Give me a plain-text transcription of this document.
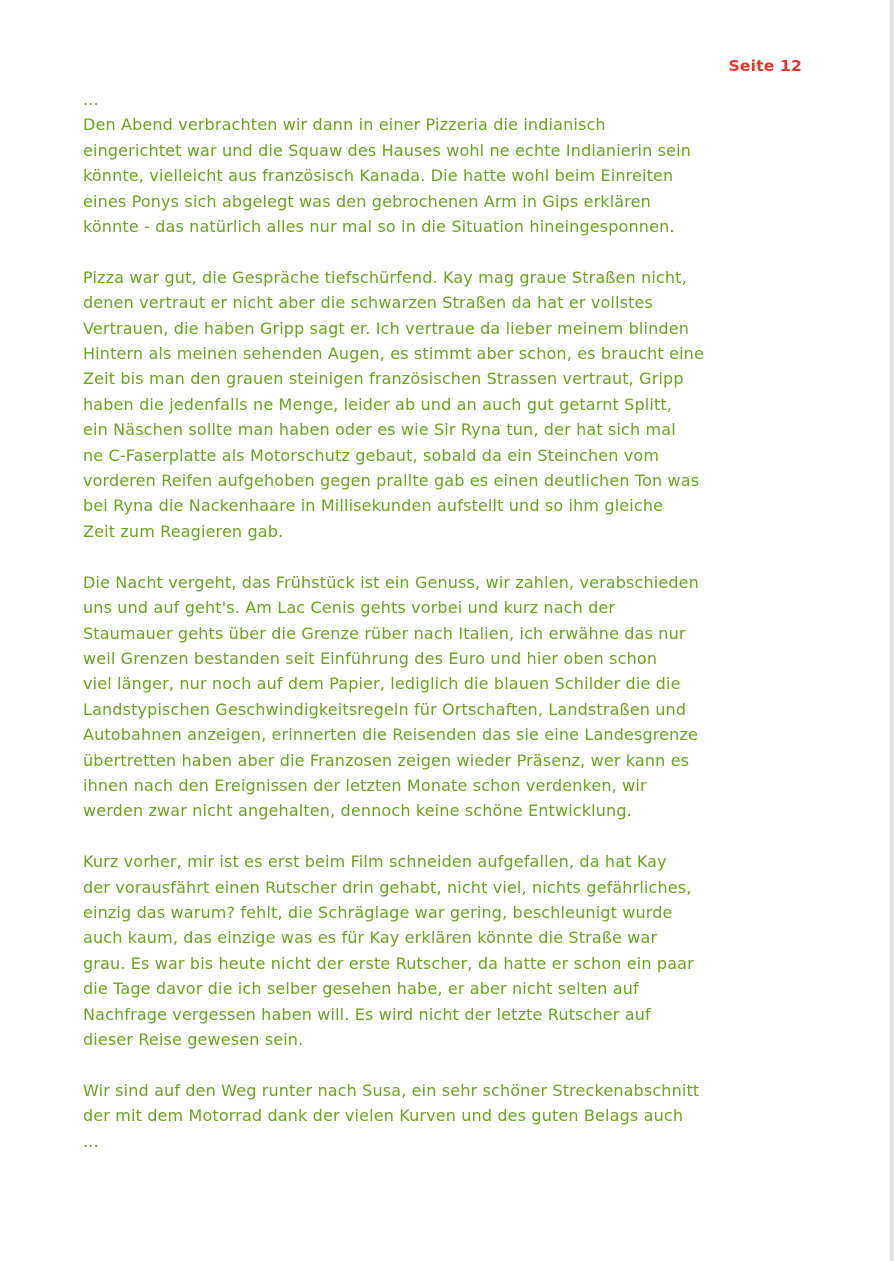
Seite 12
...

Den Abend verbrachten wir dann in einer Pizzeria die indianisch
eingerichtet war und die Squaw des Hauses wohl ne echte Indianierin sein
könnte, vielleicht aus französisch Kanada. Die hatte wohl beim Einreiten
eines Ponys sich abgelegt was den gebrochenen Arm in Gips erklären
könnte - das natürlich alles nur mal so in die Situation hineingesponnen.

Pizza war gut, die Gespräche tiefschürfend. Kay mag graue Straßen nicht,
denen vertraut er nicht aber die schwarzen Straßen da hat er vollstes
Vertrauen, die haben Gripp sagt er. Ich vertraue da lieber meinem blinden
Hintern als meinen sehenden Augen, es stimmt aber schon, es braucht eine
Zeit bis man den grauen steinigen französischen Strassen vertraut, Gripp
haben die jedenfalls ne Menge, leider ab und an auch gut getarnt Splitt,
ein Näschen sollte man haben oder es wie Sir Ryna tun, der hat sich mal
ne C-Faserplatte als Motorschutz gebaut, sobald da ein Steinchen vom
vorderen Reifen aufgehoben gegen prallte gab es einen deutlichen Ton was
bei Ryna die Nackenhaare in Millisekunden aufstellt und so ihm gleiche
Zeit zum Reagieren gab.

Die Nacht vergeht, das Frühstück ist ein Genuss, wir zahlen, verabschieden
uns und auf geht's. Am Lac Cenis gehts vorbei und kurz nach der
Staumauer gehts über die Grenze rüber nach Italien, ich erwähne das nur
weil Grenzen bestanden seit Einführung des Euro und hier oben schon
viel länger, nur noch auf dem Papier, lediglich die blauen Schilder die die
Landstypischen Geschwindigkeitsregeln für Ortschaften, Landstraßen und
Autobahnen anzeigen, erinnerten die Reisenden das sie eine Landesgrenze
übertretten haben aber die Franzosen zeigen wieder Präsenz, wer kann es
ihnen nach den Ereignissen der letzten Monate schon verdenken, wir
werden zwar nicht angehalten, dennoch keine schöne Entwicklung.

Kurz vorher, mir ist es erst beim Film schneiden aufgefallen, da hat Kay
der vorausfährt einen Rutscher drin gehabt, nicht viel, nichts gefährliches,
einzig das warum? fehlt, die Schräglage war gering, beschleunigt wurde
auch kaum, das einzige was es für Kay erklären könnte die Straße war
grau. Es war bis heute nicht der erste Rutscher, da hatte er schon ein paar
die Tage davor die ich selber gesehen habe, er aber nicht selten auf
Nachfrage vergessen haben will. Es wird nicht der letzte Rutscher auf
dieser Reise gewesen sein.

Wir sind auf den Weg runter nach Susa, ein sehr schöner Streckenabschnitt
der mit dem Motorrad dank der vielen Kurven und des guten Belags auch

...
